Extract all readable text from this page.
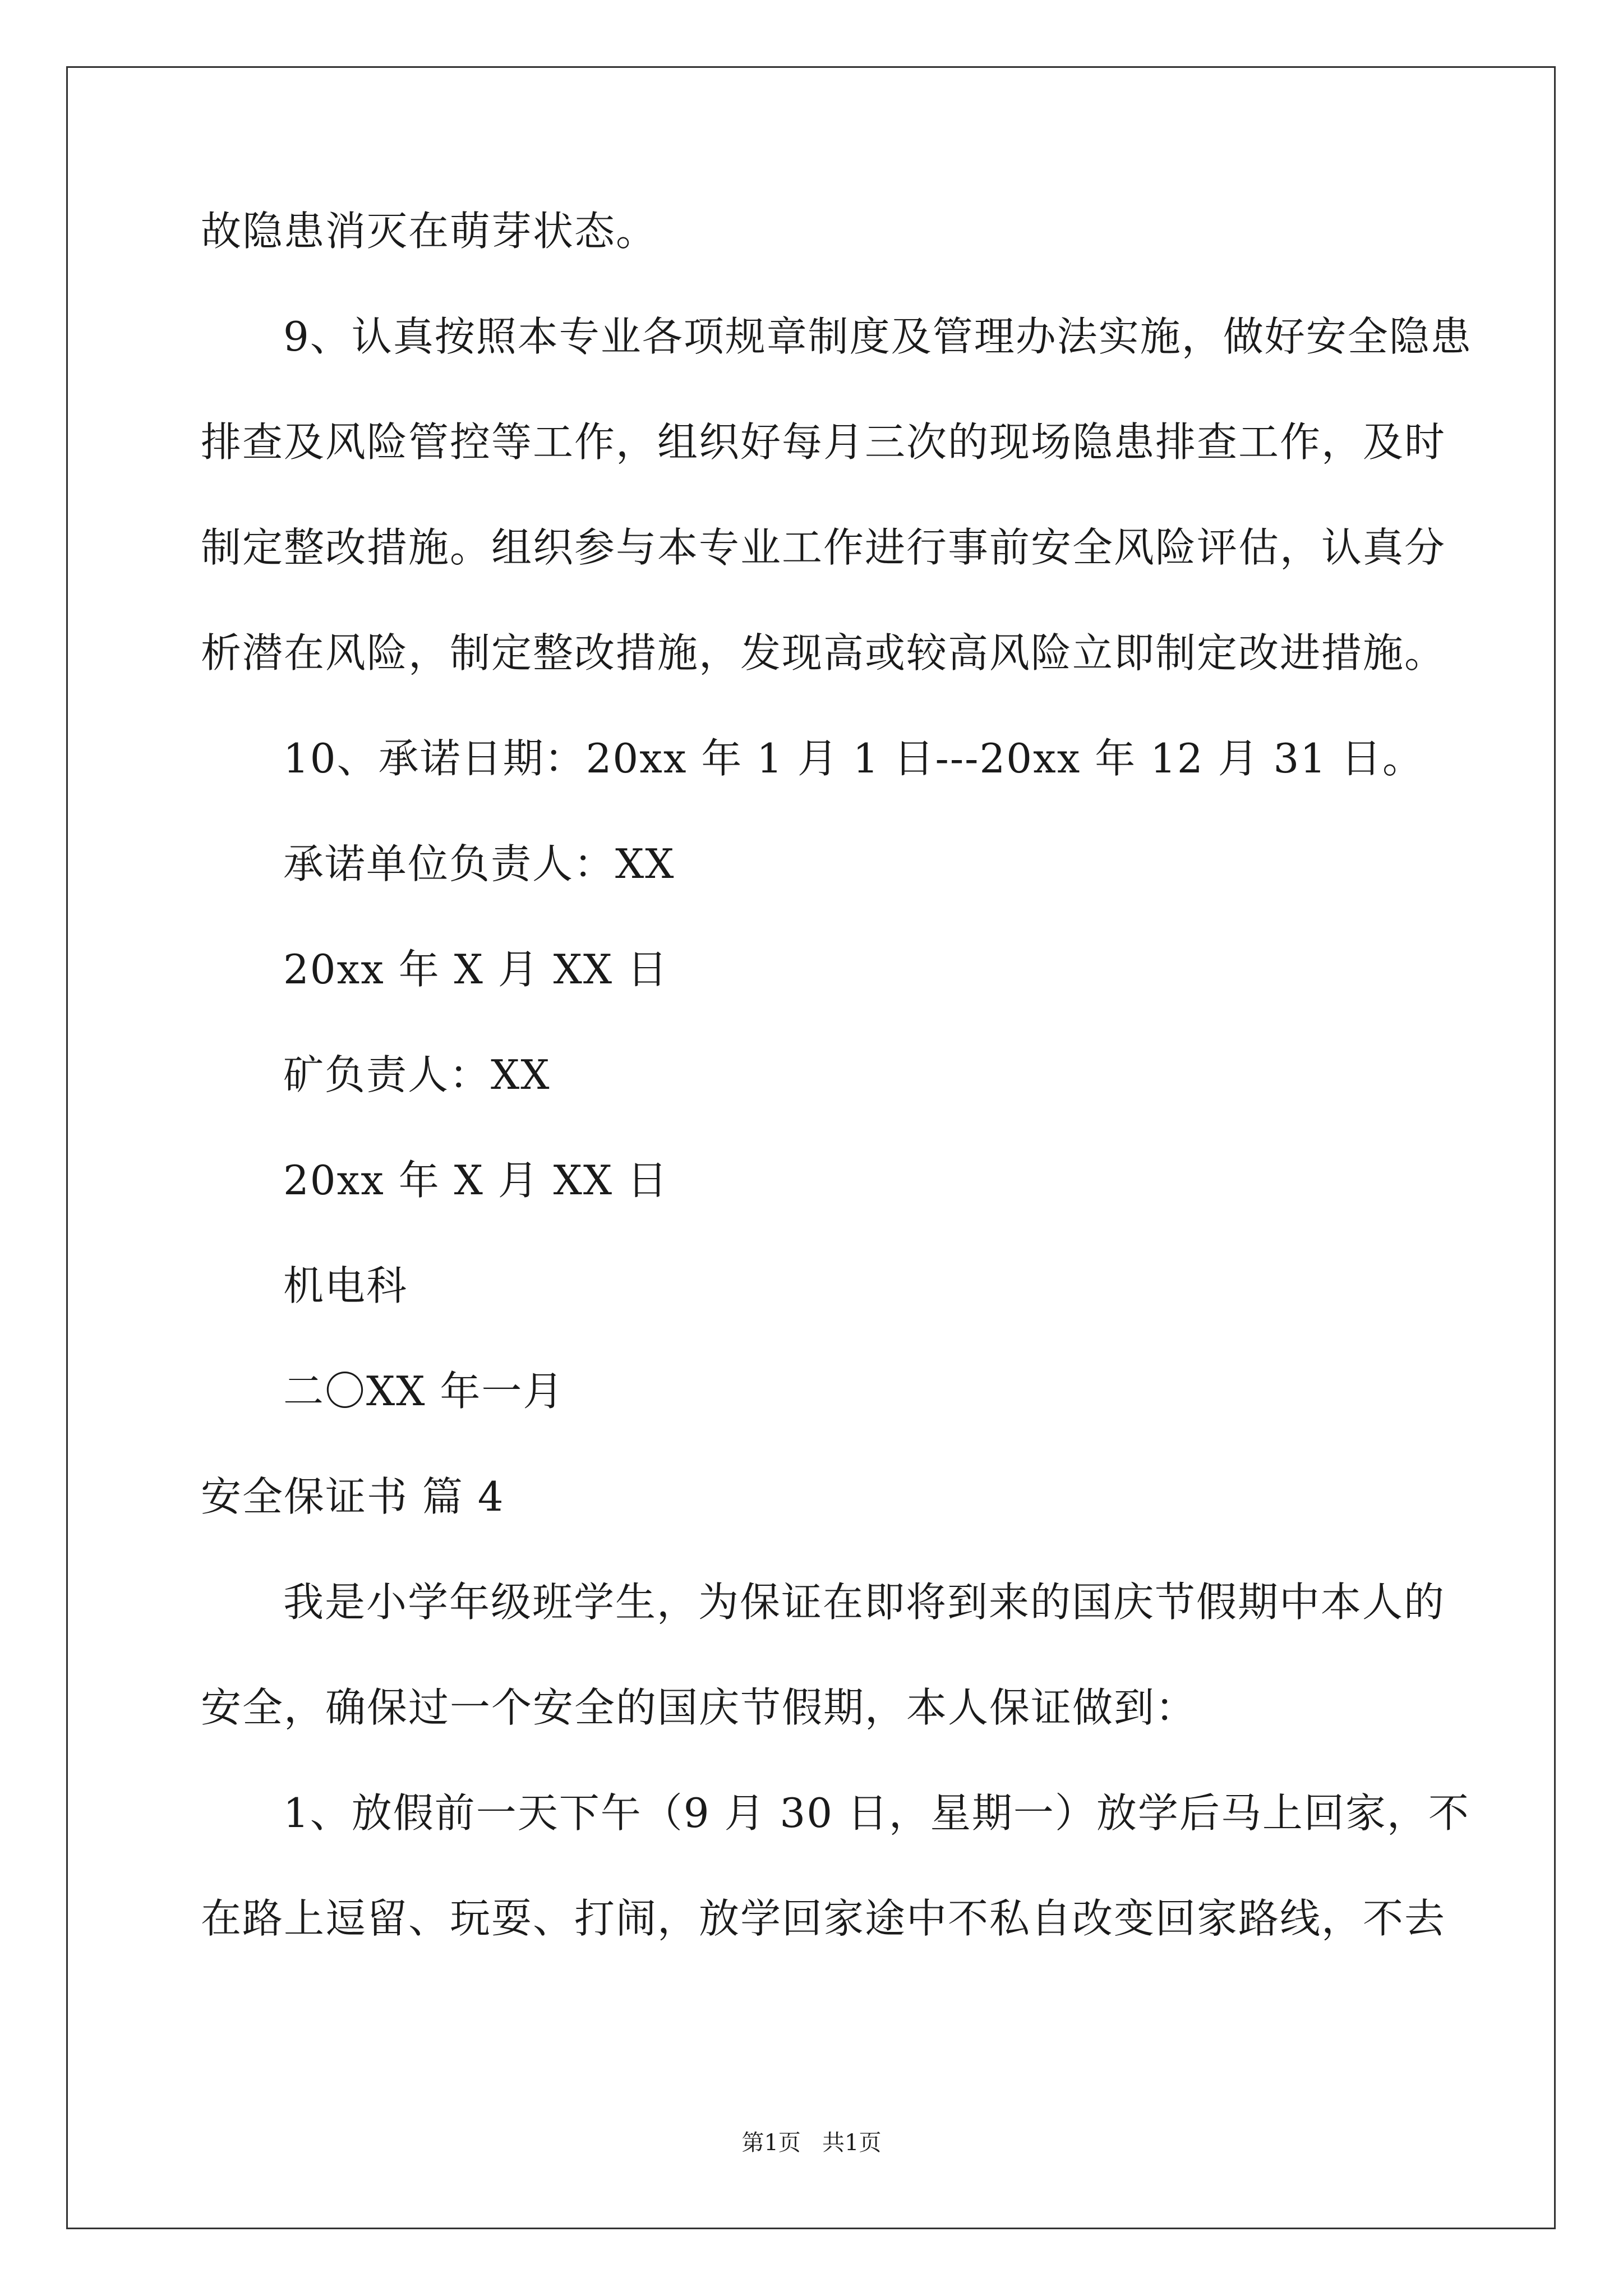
故隐患消灭在萌芽状态。
9、认真按照本专业各项规章制度及管理办法实施，做好安全隐患
排查及风险管控等工作，组织好每月三次的现场隐患排查工作，及时
制定整改措施。组织参与本专业工作进行事前安全风险评估，认真分
析潜在风险，制定整改措施，发现高或较高风险立即制定改进措施。
10、承诺日期：20xx 年 1 月 1 日---20xx 年 12 月 31 日。
承诺单位负责人：XX
20xx 年 X 月 XX 日
矿负责人：XX
20xx 年 X 月 XX 日
机电科
二〇XX 年一月
安全保证书 篇 4
我是小学年级班学生，为保证在即将到来的国庆节假期中本人的
安全，确保过一个安全的国庆节假期，本人保证做到：
1、放假前一天下午（9 月 30 日，星期一）放学后马上回家，不
在路上逗留、玩耍、打闹，放学回家途中不私自改变回家路线，不去
第1页   共1页
